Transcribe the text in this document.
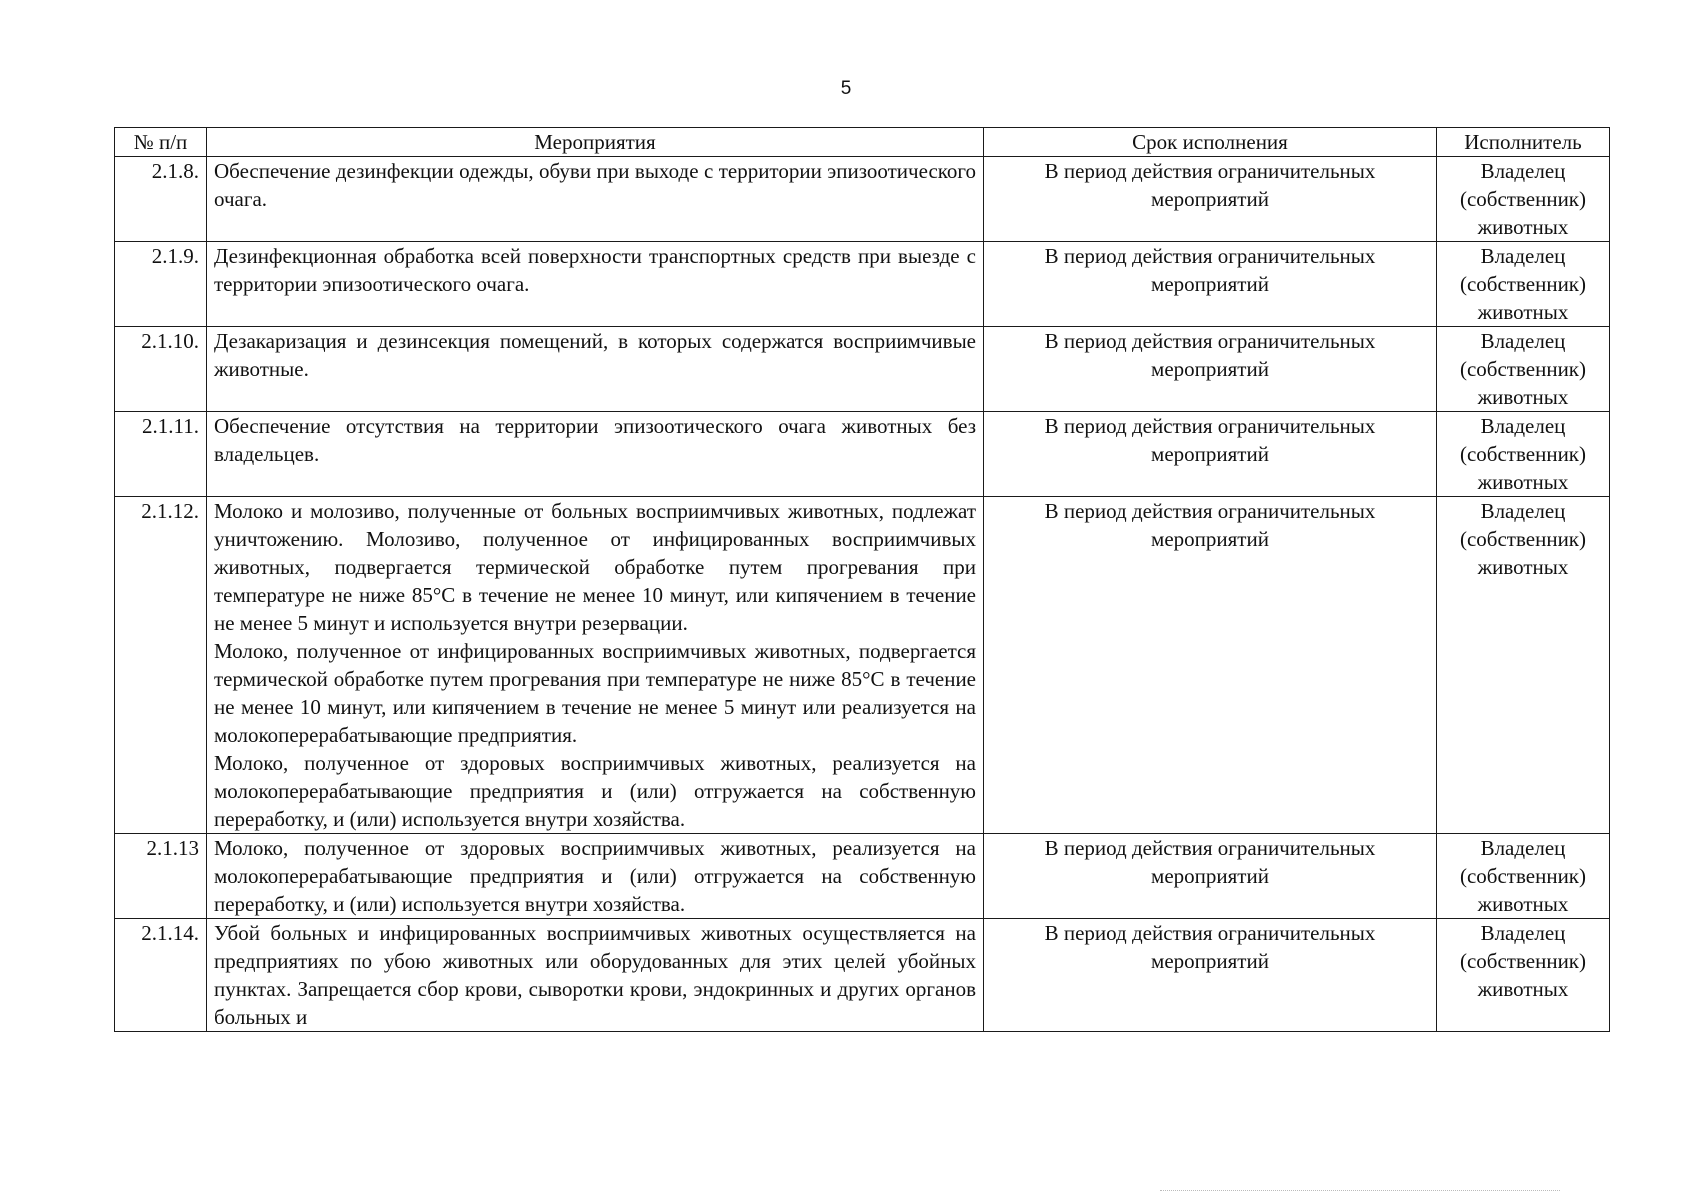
5
№ п/п	Мероприятия	Срок исполнения	Исполнитель
2.1.8.	Обеспечение дезинфекции одежды, обуви при выходе с территории эпизоотического очага.	В период действия ограничительных мероприятий	Владелец (собственник) животных
2.1.9.	Дезинфекционная обработка всей поверхности транспортных средств при выезде с территории эпизоотического очага.	В период действия ограничительных мероприятий	Владелец (собственник) животных
2.1.10.	Дезакаризация и дезинсекция помещений, в которых содержатся восприимчивые животные.	В период действия ограничительных мероприятий	Владелец (собственник) животных
2.1.11.	Обеспечение отсутствия на территории эпизоотического очага животных без владельцев.	В период действия ограничительных мероприятий	Владелец (собственник) животных
2.1.12.	Молоко и молозиво, полученные от больных восприимчивых животных, подлежат уничтожению. Молозиво, полученное от инфицированных восприимчивых животных, подвергается термической обработке путем прогревания при температуре не ниже 85°C в течение не менее 10 минут, или кипячением в течение не менее 5 минут и используется внутри резервации.

Молоко, полученное от инфицированных восприимчивых животных, подвергается термической обработке путем прогревания при температуре не ниже 85°C в течение не менее 10 минут, или кипячением в течение не менее 5 минут или реализуется на молокоперерабатывающие предприятия.

Молоко, полученное от здоровых восприимчивых животных, реализуется на молокоперерабатывающие предприятия и (или) отгружается на собственную переработку, и (или) используется внутри хозяйства.	В период действия ограничительных мероприятий	Владелец (собственник) животных
2.1.13	Молоко, полученное от здоровых восприимчивых животных, реализуется на молокоперерабатывающие предприятия и (или) отгружается на собственную переработку, и (или) используется внутри хозяйства.	В период действия ограничительных мероприятий	Владелец (собственник) животных
2.1.14.	Убой больных и инфицированных восприимчивых животных осуществляется на предприятиях по убою животных или оборудованных для этих целей убойных пунктах. Запрещается сбор крови, сыворотки крови, эндокринных и других органов больных и	В период действия ограничительных мероприятий	Владелец (собственник) животных
